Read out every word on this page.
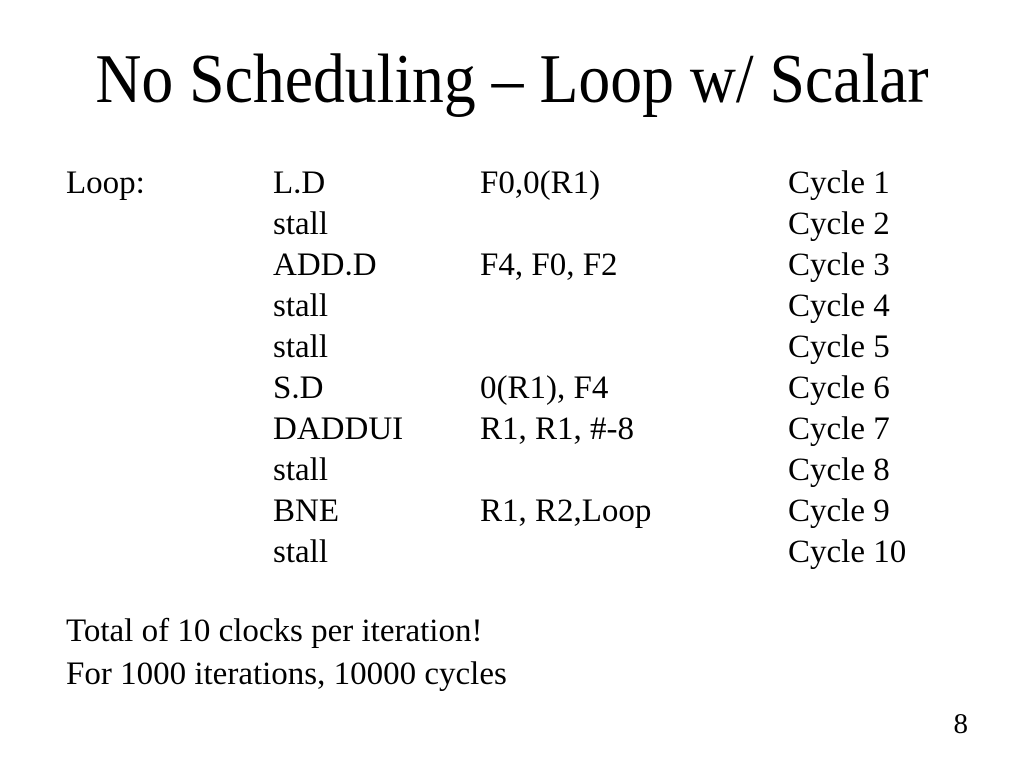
No Scheduling – Loop w/ Scalar
Loop:	L.D	F0,0(R1)	Cycle 1
stall	Cycle 2
ADD.D	F4, F0, F2	Cycle 3
stall	Cycle 4
stall	Cycle 5
S.D	0(R1), F4	Cycle 6
DADDUI	R1, R1, #-8	Cycle 7
stall	Cycle 8
BNE	R1, R2,Loop	Cycle 9
stall	Cycle 10
Total of 10 clocks per iteration!
For 1000 iterations, 10000 cycles
8
